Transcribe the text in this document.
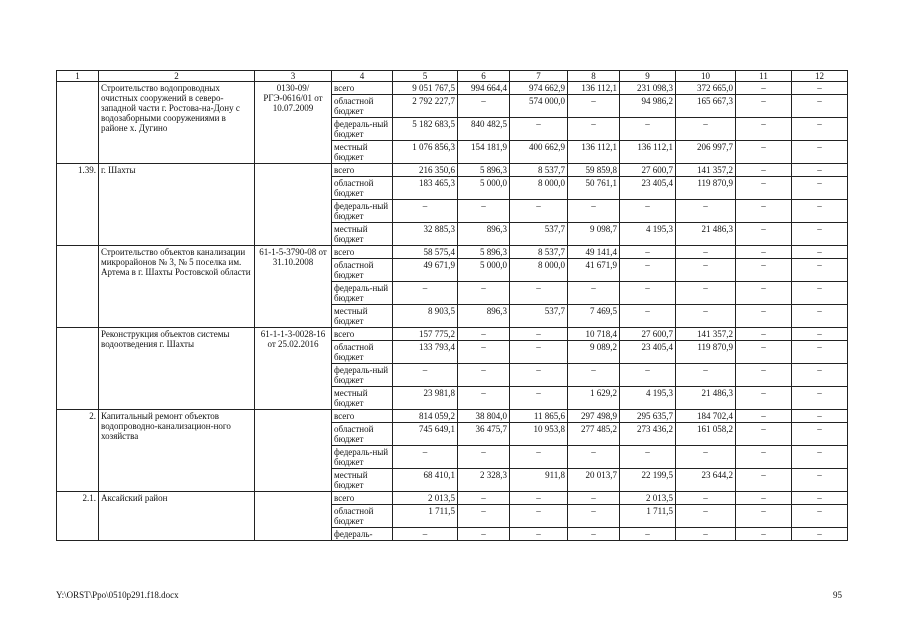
1	2	3	4	5	6	7	8	9	10	11	12
	Строительство водопроводных очистных сооружений в северо-западной части г. Ростова-на-Дону с водозаборными сооружениями в районе х. Дугино	0130-09/РГЭ-0616/01 от 10.07.2009	всего	9 051 767,5	994 664,4	974 662,9	136 112,1	231 098,3	372 665,0	–	–
			областной бюджет	2 792 227,7	–	574 000,0	–	94 986,2	165 667,3	–	–
			федераль-ный бюджет	5 182 683,5	840 482,5	–	–	–	–	–	–
			местный бюджет	1 076 856,3	154 181,9	400 662,9	136 112,1	136 112,1	206 997,7	–	–
1.39.	г. Шахты		всего	216 350,6	5 896,3	8 537,7	59 859,8	27 600,7	141 357,2	–	–
			областной бюджет	183 465,3	5 000,0	8 000,0	50 761,1	23 405,4	119 870,9	–	–
			федераль-ный бюджет	–	–	–	–	–	–	–	–
			местный бюджет	32 885,3	896,3	537,7	9 098,7	4 195,3	21 486,3	–	–
	Строительство объектов канализации микрорайонов № 3, № 5 поселка им. Артема в г. Шахты Ростовской области	61-1-5-3790-08 от 31.10.2008	всего	58 575,4	5 896,3	8 537,7	49 141,4	–	–	–	–
			областной бюджет	49 671,9	5 000,0	8 000,0	41 671,9	–	–	–	–
			федераль-ный бюджет	–	–	–	–	–	–	–	–
			местный бюджет	8 903,5	896,3	537,7	7 469,5	–	–	–	–
	Реконструкция объектов системы водоотведения г. Шахты	61-1-1-3-0028-16 от 25.02.2016	всего	157 775,2	–	–	10 718,4	27 600,7	141 357,2	–	–
			областной бюджет	133 793,4	–	–	9 089,2	23 405,4	119 870,9	–	–
			федераль-ный бюджет	–	–	–	–	–	–	–	–
			местный бюджет	23 981,8	–	–	1 629,2	4 195,3	21 486,3	–	–
2.	Капитальный ремонт объектов водопроводно-канализацион-ного хозяйства		всего	814 059,2	38 804,0	11 865,6	297 498,9	295 635,7	184 702,4	–	–
			областной бюджет	745 649,1	36 475,7	10 953,8	277 485,2	273 436,2	161 058,2	–	–
			федераль-ный бюджет	–	–	–	–	–	–	–	–
			местный бюджет	68 410,1	2 328,3	911,8	20 013,7	22 199,5	23 644,2	–	–
2.1.	Аксайский район		всего	2 013,5	–	–	–	2 013,5	–	–	–
			областной бюджет	1 711,5	–	–	–	1 711,5	–	–	–
			федераль-	–	–	–	–	–	–	–	–
Y:\ORST\Ppo\0510p291.f18.docx	95
